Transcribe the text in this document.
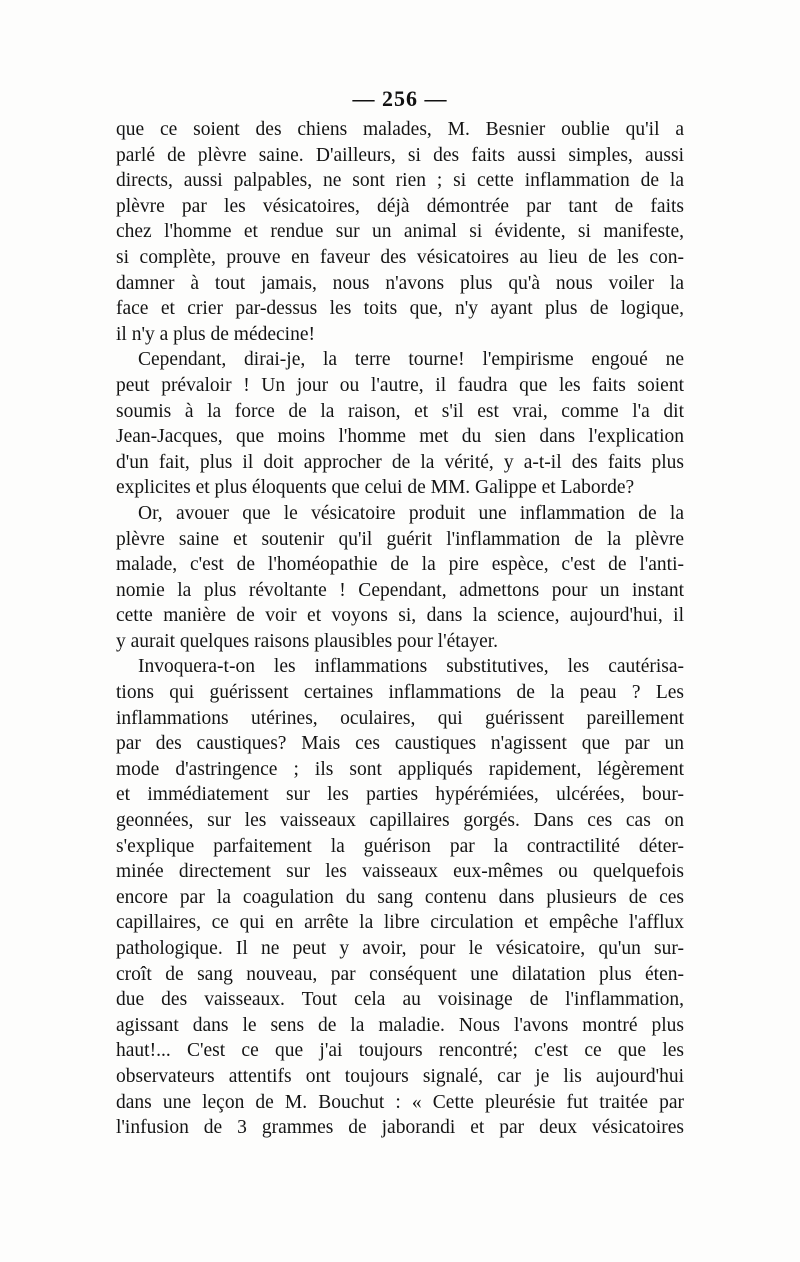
— 256 —
que ce soient des chiens malades, M. Besnier oublie qu'il a
parlé de plèvre saine. D'ailleurs, si des faits aussi simples, aussi
directs, aussi palpables, ne sont rien ; si cette inflammation de la
plèvre par les vésicatoires, déjà démontrée par tant de faits
chez l'homme et rendue sur un animal si évidente, si manifeste,
si complète, prouve en faveur des vésicatoires au lieu de les con-
damner à tout jamais, nous n'avons plus qu'à nous voiler la
face et crier par-dessus les toits que, n'y ayant plus de logique,
il n'y a plus de médecine!
Cependant, dirai-je, la terre tourne! l'empirisme engoué ne
peut prévaloir ! Un jour ou l'autre, il faudra que les faits soient
soumis à la force de la raison, et s'il est vrai, comme l'a dit
Jean-Jacques, que moins l'homme met du sien dans l'explication
d'un fait, plus il doit approcher de la vérité, y a-t-il des faits plus
explicites et plus éloquents que celui de MM. Galippe et Laborde?
Or, avouer que le vésicatoire produit une inflammation de la
plèvre saine et soutenir qu'il guérit l'inflammation de la plèvre
malade, c'est de l'homéopathie de la pire espèce, c'est de l'anti-
nomie la plus révoltante ! Cependant, admettons pour un instant
cette manière de voir et voyons si, dans la science, aujourd'hui, il
y aurait quelques raisons plausibles pour l'étayer.
Invoquera-t-on les inflammations substitutives, les cautérisa-
tions qui guérissent certaines inflammations de la peau ? Les
inflammations utérines, oculaires, qui guérissent pareillement
par des caustiques? Mais ces caustiques n'agissent que par un
mode d'astringence ; ils sont appliqués rapidement, légèrement
et immédiatement sur les parties hypérémiées, ulcérées, bour-
geonnées, sur les vaisseaux capillaires gorgés. Dans ces cas on
s'explique parfaitement la guérison par la contractilité déter-
minée directement sur les vaisseaux eux-mêmes ou quelquefois
encore par la coagulation du sang contenu dans plusieurs de ces
capillaires, ce qui en arrête la libre circulation et empêche l'afflux
pathologique. Il ne peut y avoir, pour le vésicatoire, qu'un sur-
croît de sang nouveau, par conséquent une dilatation plus éten-
due des vaisseaux. Tout cela au voisinage de l'inflammation,
agissant dans le sens de la maladie. Nous l'avons montré plus
haut!... C'est ce que j'ai toujours rencontré; c'est ce que les
observateurs attentifs ont toujours signalé, car je lis aujourd'hui
dans une leçon de M. Bouchut : « Cette pleurésie fut traitée par
l'infusion de 3 grammes de jaborandi et par deux vésicatoires
